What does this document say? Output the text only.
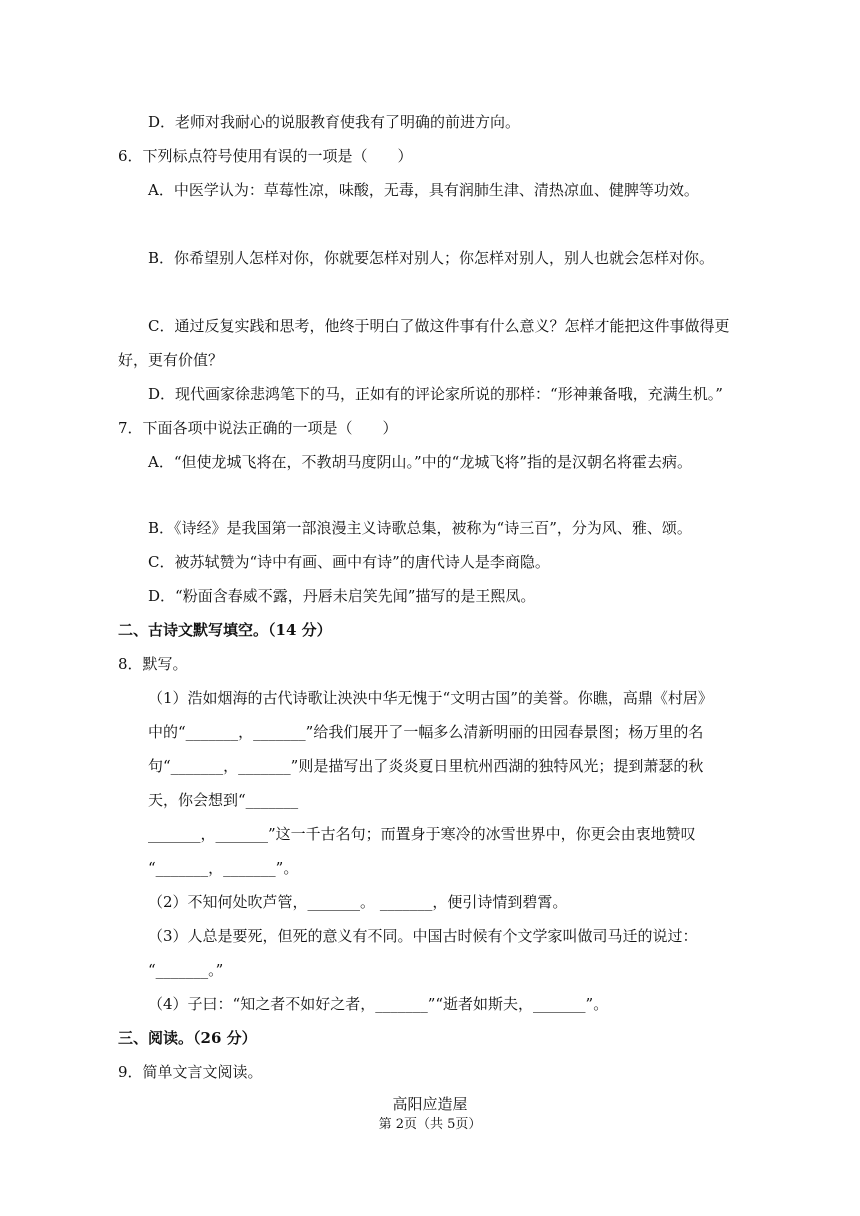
D．老师对我耐心的说服教育使我有了明确的前进方向。
6．下列标点符号使用有误的一项是（　　）
A．中医学认为：草莓性凉，味酸，无毒，具有润肺生津、清热凉血、健脾等功效。
B．你希望别人怎样对你，你就要怎样对别人；你怎样对别人，别人也就会怎样对你。
C．通过反复实践和思考，他终于明白了做这件事有什么意义？怎样才能把这件事做得更
好，更有价值？
D．现代画家徐悲鸿笔下的马，正如有的评论家所说的那样：“形神兼备哦，充满生机。”
7．下面各项中说法正确的一项是（　　）
A．“但使龙城飞将在，不教胡马度阴山。”中的“龙城飞将”指的是汉朝名将霍去病。
B．《诗经》是我国第一部浪漫主义诗歌总集，被称为“诗三百”，分为风、雅、颂。
C．被苏轼赞为“诗中有画、画中有诗”的唐代诗人是李商隐。
D．“粉面含春威不露，丹唇未启笑先闻”描写的是王熙凤。
二、古诗文默写填空。（14 分）
8．默写。
（1）浩如烟海的古代诗歌让泱泱中华无愧于“文明古国”的美誉。你瞧，高鼎《村居》
中的“_______，_______”给我们展开了一幅多么清新明丽的田园春景图；杨万里的名
句“_______，_______”则是描写出了炎炎夏日里杭州西湖的独特风光；提到萧瑟的秋
天，你会想到“_______
_______，_______”这一千古名句；而置身于寒冷的冰雪世界中，你更会由衷地赞叹
“_______，_______”。
（2）不知何处吹芦管，_______。 _______，便引诗情到碧霄。
（3）人总是要死，但死的意义有不同。中国古时候有个文学家叫做司马迁的说过：
“_______。”
（4）子曰：“知之者不如好之者，_______”“逝者如斯夫，_______”。
三、阅读。（26 分）
9．简单文言文阅读。
高阳应造屋
第 2页（共 5页）
